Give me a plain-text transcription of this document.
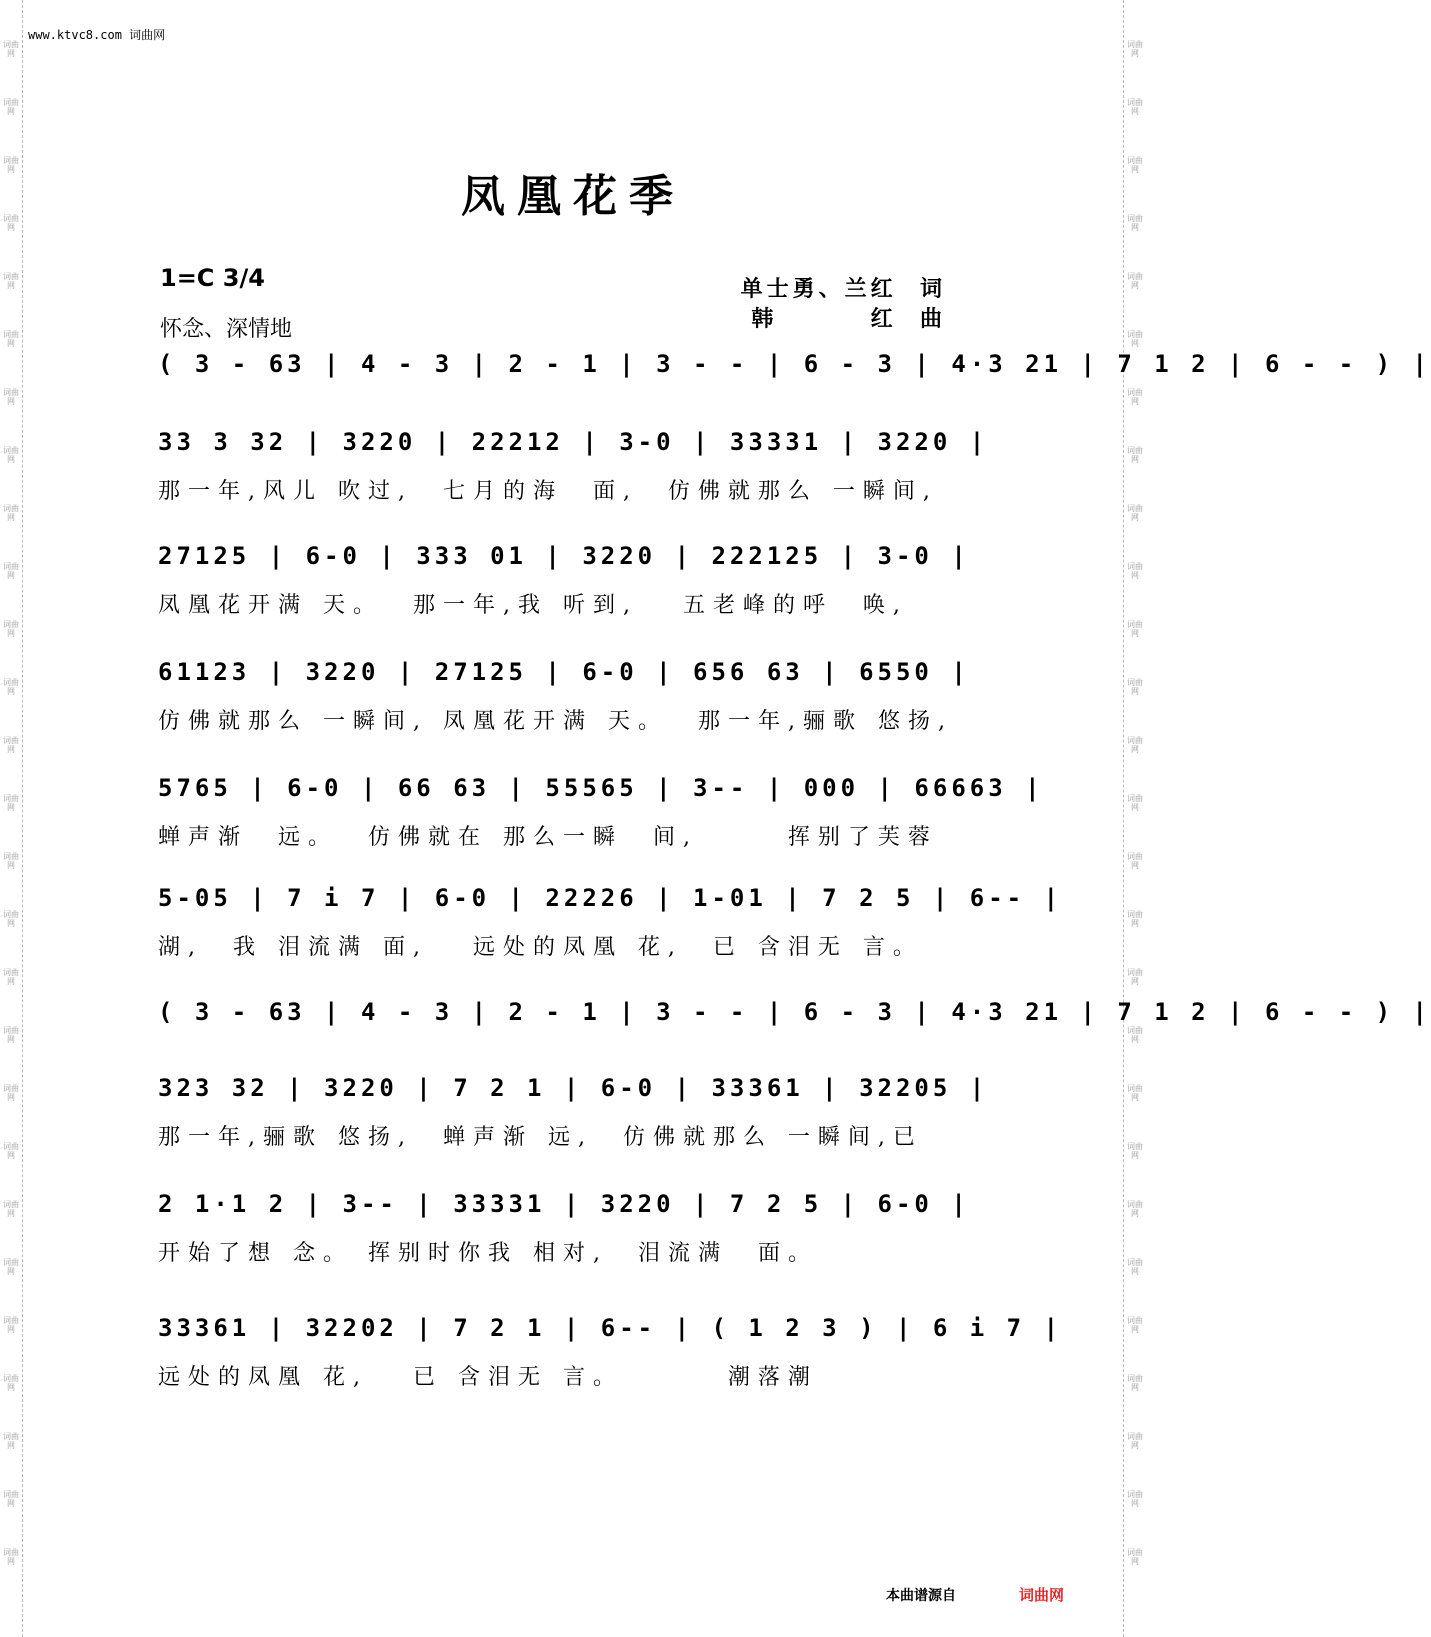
词曲网
词曲网
词曲网
词曲网
词曲网
词曲网
词曲网
词曲网
词曲网
词曲网
词曲网
词曲网
词曲网
词曲网
词曲网
词曲网
词曲网
词曲网
词曲网
词曲网
词曲网
词曲网
词曲网
词曲网
词曲网
词曲网
词曲网
词曲网
词曲网
词曲网
词曲网
词曲网
词曲网
词曲网
词曲网
词曲网
词曲网
词曲网
词曲网
词曲网
词曲网
词曲网
词曲网
词曲网
词曲网
词曲网
词曲网
词曲网
词曲网
词曲网
词曲网
词曲网
词曲网
词曲网
www.ktvc8.com 词曲网
凤凰花季
1=C 3/4
怀念、深情地
单士勇、兰红  词
韩        红  曲
( 3 - 63 | 4 - 3 | 2 - 1 | 3 - - | 6 - 3 | 4·3 21 | 7 1 2 | 6 - - ) |
33 3 32 | 3220 | 22212 | 3-0 | 33331 | 3220 |
那一年,风儿 吹过,  七月的海  面,  仿佛就那么 一瞬间,
27125 | 6-0 | 333 01 | 3220 | 222125 | 3-0 |
凤凰花开满 天。  那一年,我 听到,   五老峰的呼  唤,
61123 | 3220 | 27125 | 6-0 | 656 63 | 6550 |
仿佛就那么 一瞬间, 凤凰花开满 天。  那一年,骊歌 悠扬,
5765 | 6-0 | 66 63 | 55565 | 3-- | 000 | 66663 |
蝉声渐  远。  仿佛就在 那么一瞬  间,      挥别了芙蓉
5-05 | 7 i 7 | 6-0 | 22226 | 1-01 | 7 2 5 | 6-- |
湖,  我 泪流满 面,   远处的凤凰 花,  已 含泪无 言。
( 3 - 63 | 4 - 3 | 2 - 1 | 3 - - | 6 - 3 | 4·3 21 | 7 1 2 | 6 - - ) |
323 32 | 3220 | 7 2 1 | 6-0 | 33361 | 32205 |
那一年,骊歌 悠扬,  蝉声渐 远,  仿佛就那么 一瞬间,已
2 1·1 2 | 3-- | 33331 | 3220 | 7 2 5 | 6-0 |
开始了想 念。 挥别时你我 相对,  泪流满  面。
33361 | 32202 | 7 2 1 | 6-- | ( 1 2 3 ) | 6 i 7 |
远处的凤凰 花,   已 含泪无 言。       潮落潮
本曲谱源自	词曲网
